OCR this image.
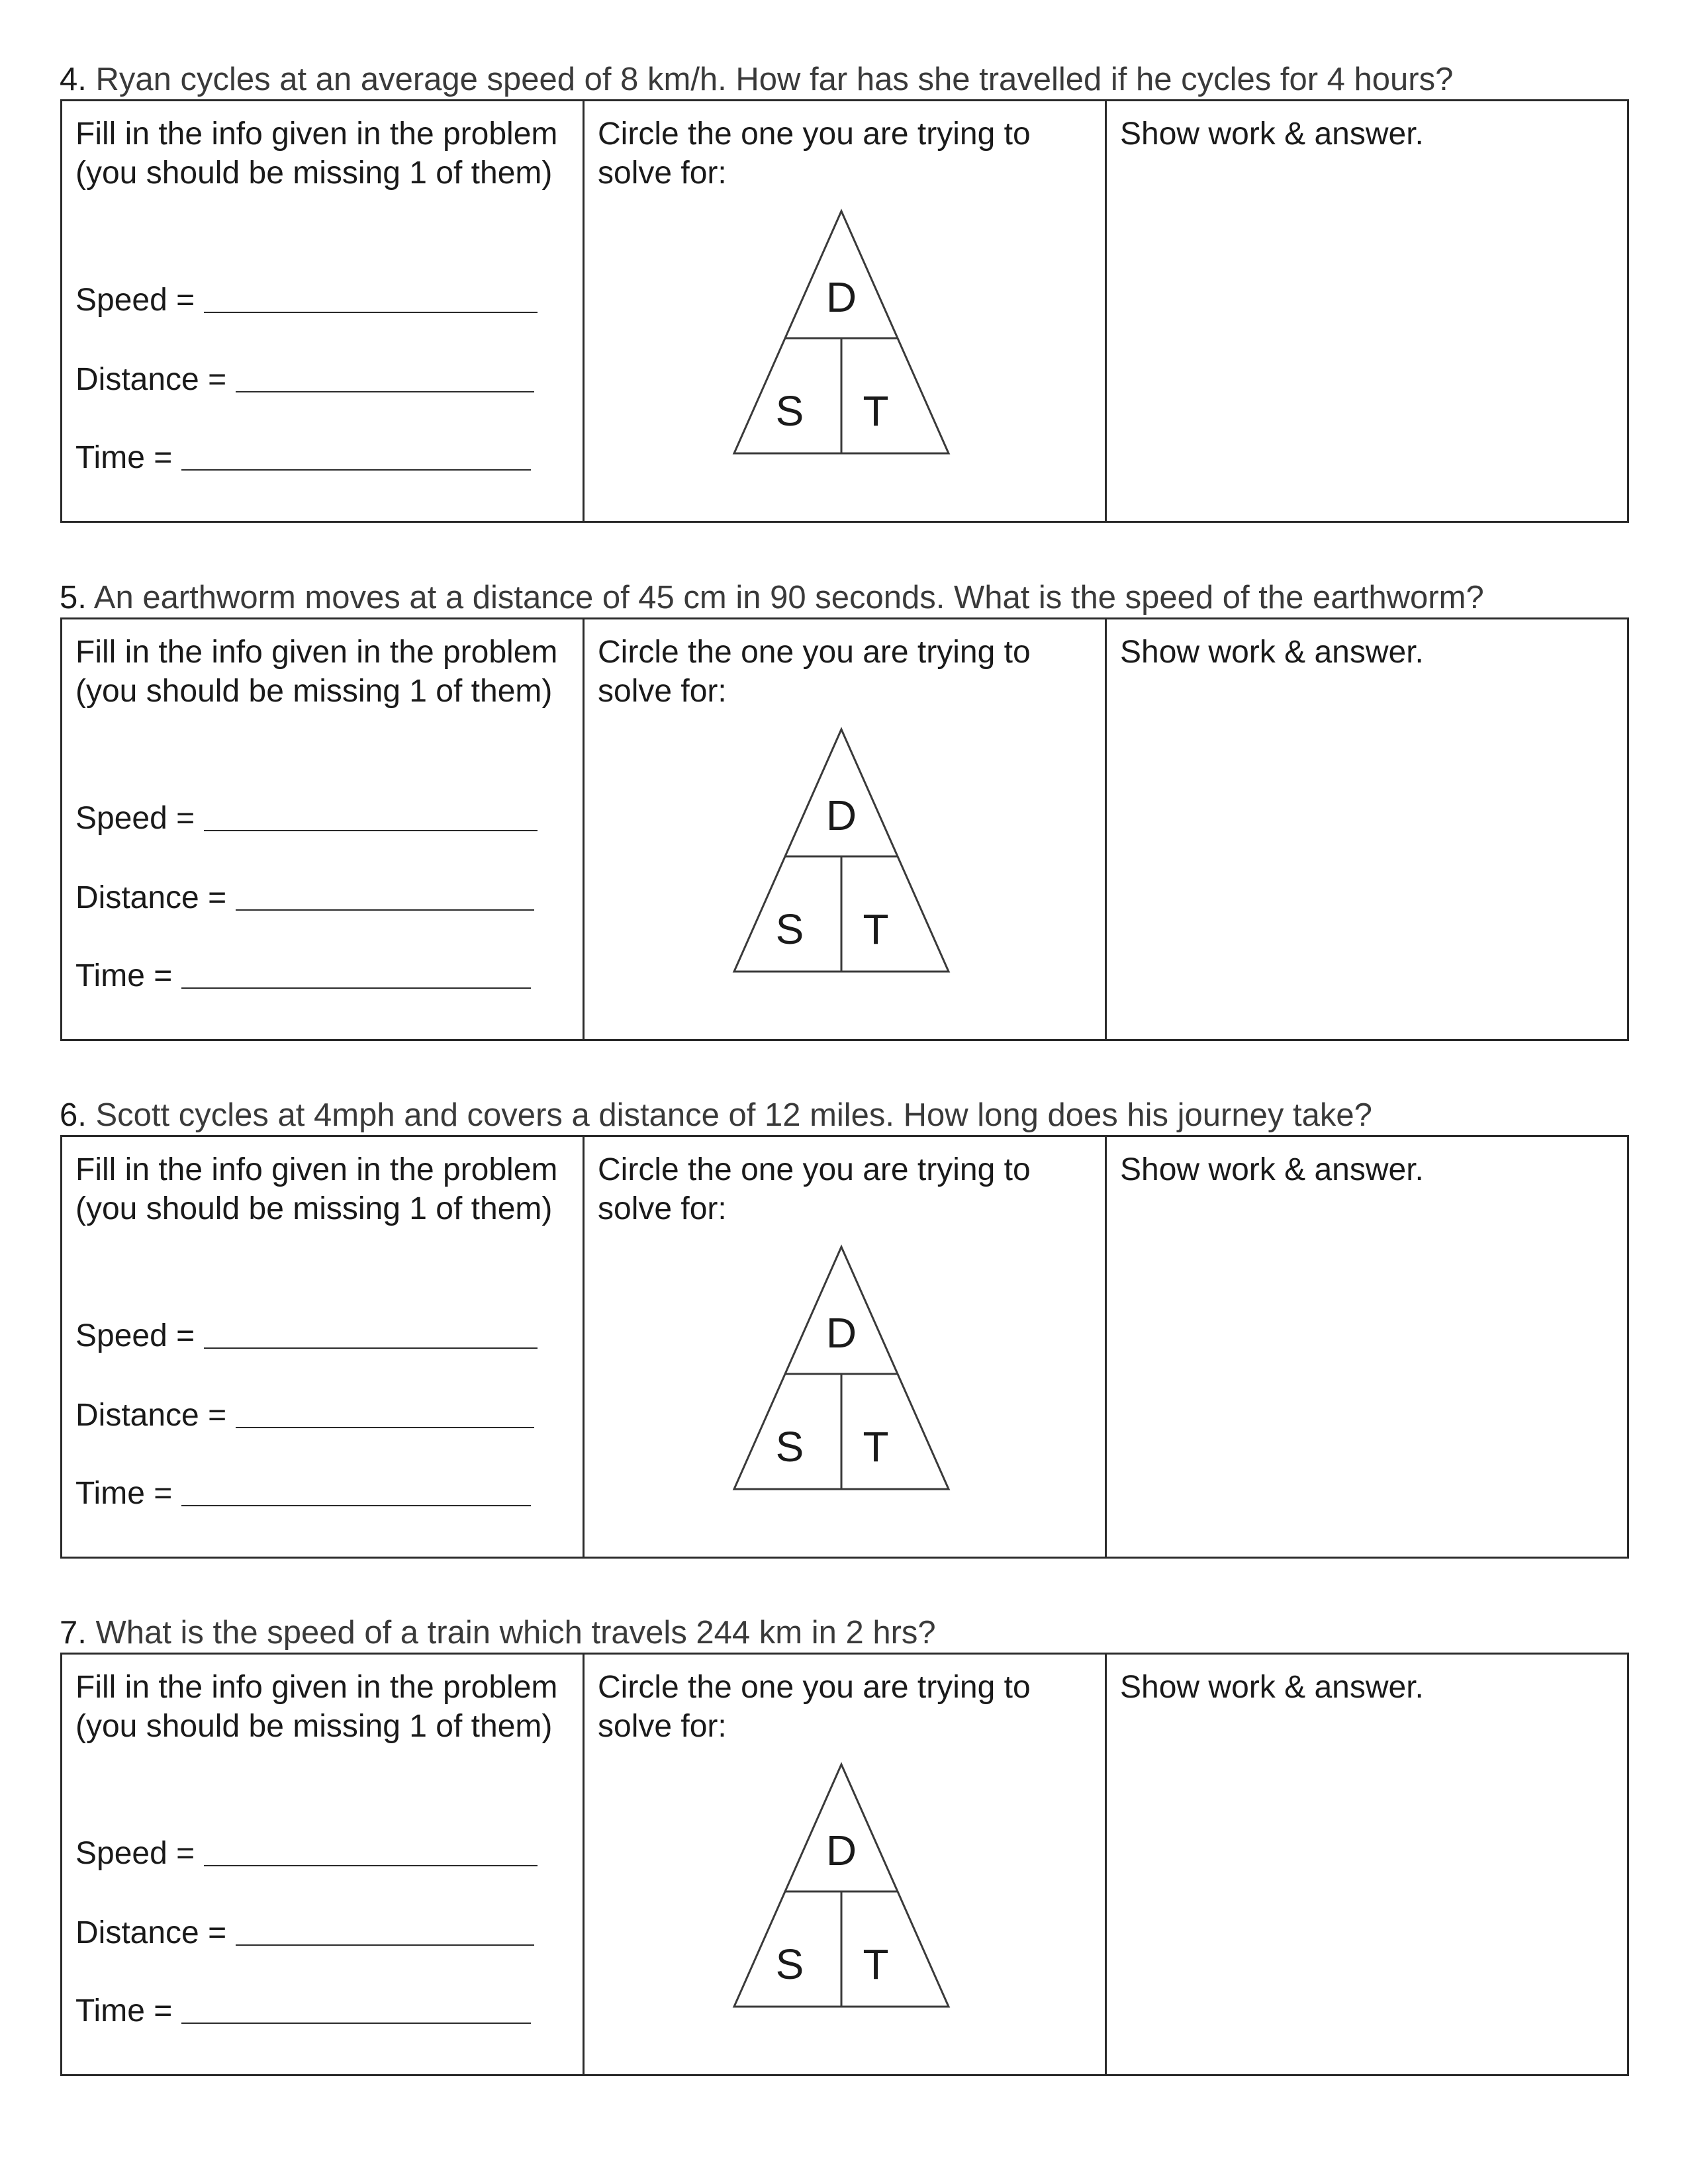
4. Ryan cycles at an average speed of 8 km/h. How far has she travelled if he cycles for 4 hours?
Fill in the info given in the problem (you should be missing 1 of them)
Speed =
Distance =
Time =
Circle the one you are trying to solve for:
D
S T
Show work & answer.
5. An earthworm moves at a distance of 45 cm in 90 seconds. What is the speed of the earthworm?
Fill in the info given in the problem (you should be missing 1 of them)
Speed =
Distance =
Time =
Circle the one you are trying to solve for:
D
S T
Show work & answer.
6. Scott cycles at 4mph and covers a distance of 12 miles. How long does his journey take?
Fill in the info given in the problem (you should be missing 1 of them)
Speed =
Distance =
Time =
Circle the one you are trying to solve for:
D
S T
Show work & answer.
7. What is the speed of a train which travels 244 km in 2 hrs?
Fill in the info given in the problem (you should be missing 1 of them)
Speed =
Distance =
Time =
Circle the one you are trying to solve for:
D
S T
Show work & answer.
